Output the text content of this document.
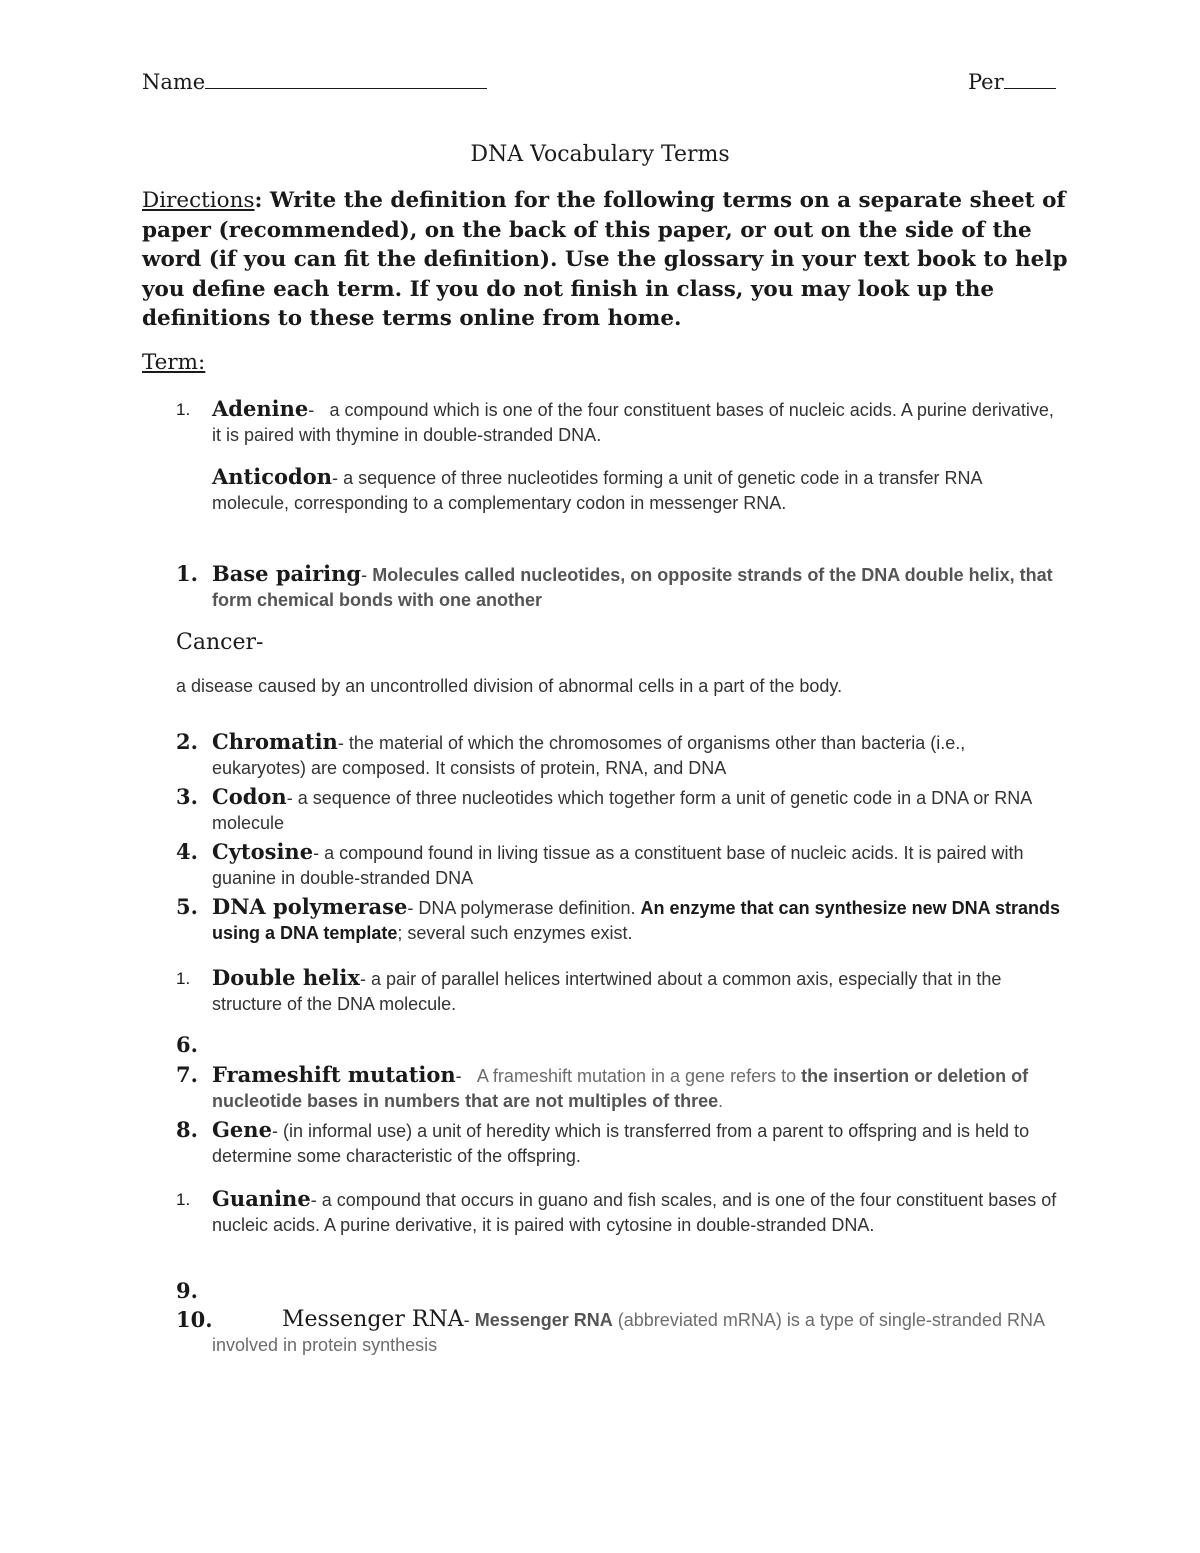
Name	Per
DNA Vocabulary Terms
Directions: Write the definition for the following terms on a separate sheet of paper (recommended), on the back of this paper, or out on the side of the word (if you can fit the definition). Use the glossary in your text book to help you define each term. If you do not finish in class, you may look up the definitions to these terms online from home.
Term:
1. Adenine- a compound which is one of the four constituent bases of nucleic acids. A purine derivative, it is paired with thymine in double-stranded DNA.
Anticodon- a sequence of three nucleotides forming a unit of genetic code in a transfer RNA molecule, corresponding to a complementary codon in messenger RNA.
1. Base pairing- Molecules called nucleotides, on opposite strands of the DNA double helix, that form chemical bonds with one another
Cancer-
a disease caused by an uncontrolled division of abnormal cells in a part of the body.
2. Chromatin- the material of which the chromosomes of organisms other than bacteria (i.e., eukaryotes) are composed. It consists of protein, RNA, and DNA
3. Codon- a sequence of three nucleotides which together form a unit of genetic code in a DNA or RNA molecule
4. Cytosine- a compound found in living tissue as a constituent base of nucleic acids. It is paired with guanine in double-stranded DNA
5. DNA polymerase- DNA polymerase definition. An enzyme that can synthesize new DNA strands using a DNA template; several such enzymes exist.
1. Double helix- a pair of parallel helices intertwined about a common axis, especially that in the structure of the DNA molecule.
6.
7. Frameshift mutation- A frameshift mutation in a gene refers to the insertion or deletion of nucleotide bases in numbers that are not multiples of three.
8. Gene- (in informal use) a unit of heredity which is transferred from a parent to offspring and is held to determine some characteristic of the offspring.
1. Guanine- a compound that occurs in guano and fish scales, and is one of the four constituent bases of nucleic acids. A purine derivative, it is paired with cytosine in double-stranded DNA.
9.
10.	Messenger RNA- Messenger RNA (abbreviated mRNA) is a type of single-stranded RNA involved in protein synthesis
